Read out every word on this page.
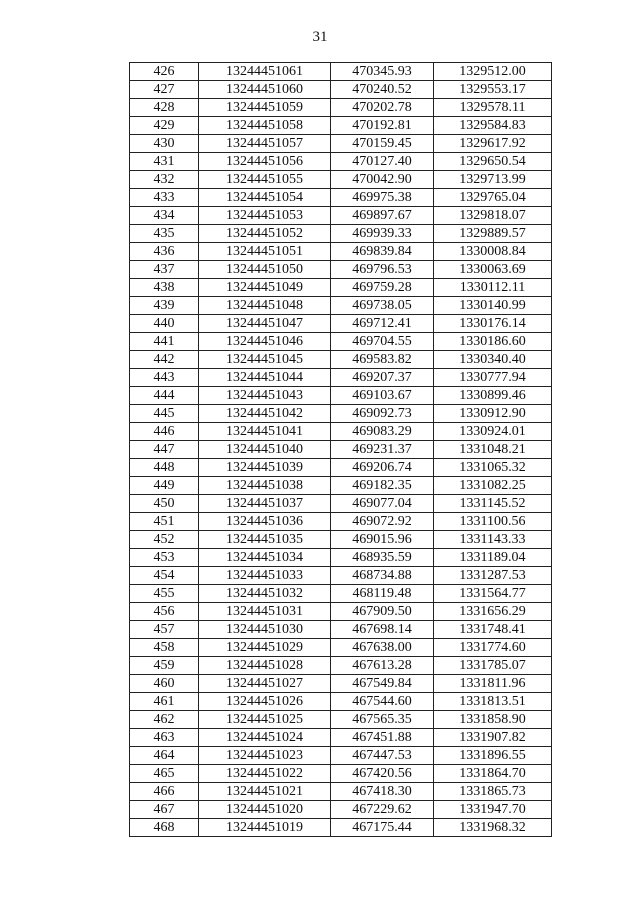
31
426	13244451061	470345.93	1329512.00
427	13244451060	470240.52	1329553.17
428	13244451059	470202.78	1329578.11
429	13244451058	470192.81	1329584.83
430	13244451057	470159.45	1329617.92
431	13244451056	470127.40	1329650.54
432	13244451055	470042.90	1329713.99
433	13244451054	469975.38	1329765.04
434	13244451053	469897.67	1329818.07
435	13244451052	469939.33	1329889.57
436	13244451051	469839.84	1330008.84
437	13244451050	469796.53	1330063.69
438	13244451049	469759.28	1330112.11
439	13244451048	469738.05	1330140.99
440	13244451047	469712.41	1330176.14
441	13244451046	469704.55	1330186.60
442	13244451045	469583.82	1330340.40
443	13244451044	469207.37	1330777.94
444	13244451043	469103.67	1330899.46
445	13244451042	469092.73	1330912.90
446	13244451041	469083.29	1330924.01
447	13244451040	469231.37	1331048.21
448	13244451039	469206.74	1331065.32
449	13244451038	469182.35	1331082.25
450	13244451037	469077.04	1331145.52
451	13244451036	469072.92	1331100.56
452	13244451035	469015.96	1331143.33
453	13244451034	468935.59	1331189.04
454	13244451033	468734.88	1331287.53
455	13244451032	468119.48	1331564.77
456	13244451031	467909.50	1331656.29
457	13244451030	467698.14	1331748.41
458	13244451029	467638.00	1331774.60
459	13244451028	467613.28	1331785.07
460	13244451027	467549.84	1331811.96
461	13244451026	467544.60	1331813.51
462	13244451025	467565.35	1331858.90
463	13244451024	467451.88	1331907.82
464	13244451023	467447.53	1331896.55
465	13244451022	467420.56	1331864.70
466	13244451021	467418.30	1331865.73
467	13244451020	467229.62	1331947.70
468	13244451019	467175.44	1331968.32
